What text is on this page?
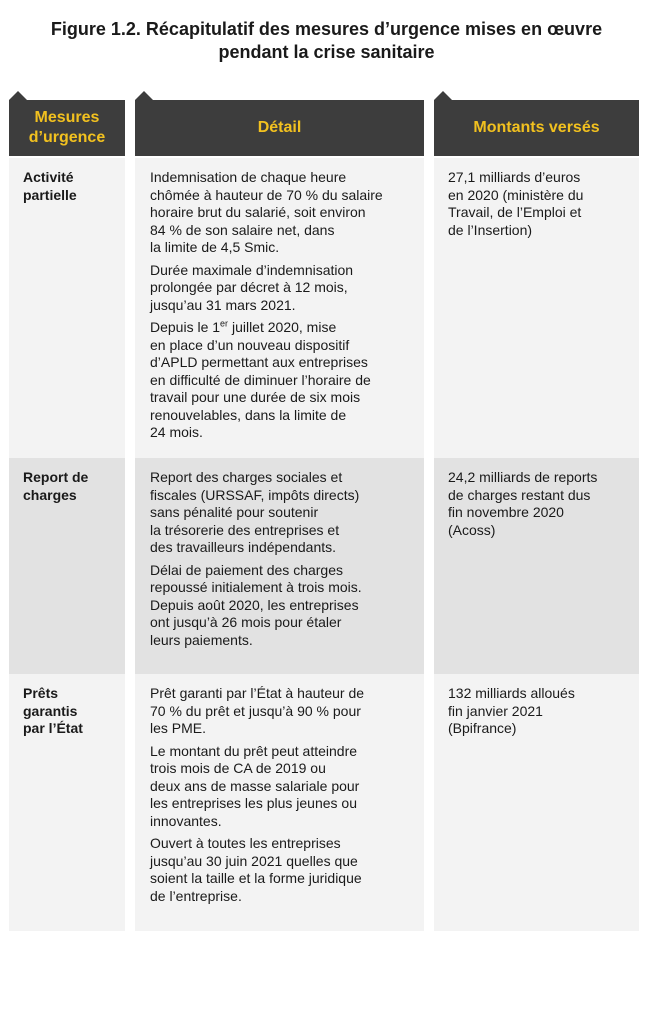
Figure 1.2. Récapitulatif des mesures d’urgence mises en œuvre
pendant la crise sanitaire
Mesures
d’urgence
Détail	Montants versés
Activité
partielle

Indemnisation de chaque heure
chômée à hauteur de 70 % du salaire
horaire brut du salarié, soit environ
84 % de son salaire net, dans
la limite de 4,5 Smic.

Durée maximale d’indemnisation
prolongée par décret à 12 mois,
jusqu’au 31 mars 2021.

Depuis le 1er juillet 2020, mise
en place d’un nouveau dispositif
d’APLD permettant aux entreprises
en difficulté de diminuer l’horaire de
travail pour une durée de six mois
renouvelables, dans la limite de
24 mois.

27,1 milliards d’euros
en 2020 (ministère du
Travail, de l’Emploi et
de l’Insertion)
Report de
charges

Report des charges sociales et
fiscales (URSSAF, impôts directs)
sans pénalité pour soutenir
la trésorerie des entreprises et
des travailleurs indépendants.

Délai de paiement des charges
repoussé initialement à trois mois.
Depuis août 2020, les entreprises
ont jusqu’à 26 mois pour étaler
leurs paiements.

24,2 milliards de reports
de charges restant dus
fin novembre 2020
(Acoss)
Prêts
garantis
par l’État

Prêt garanti par l’État à hauteur de
70 % du prêt et jusqu’à 90 % pour
les PME.

Le montant du prêt peut atteindre
trois mois de CA de 2019 ou
deux ans de masse salariale pour
les entreprises les plus jeunes ou
innovantes.

Ouvert à toutes les entreprises
jusqu’au 30 juin 2021 quelles que
soient la taille et la forme juridique
de l’entreprise.

132 milliards alloués
fin janvier 2021
(Bpifrance)
